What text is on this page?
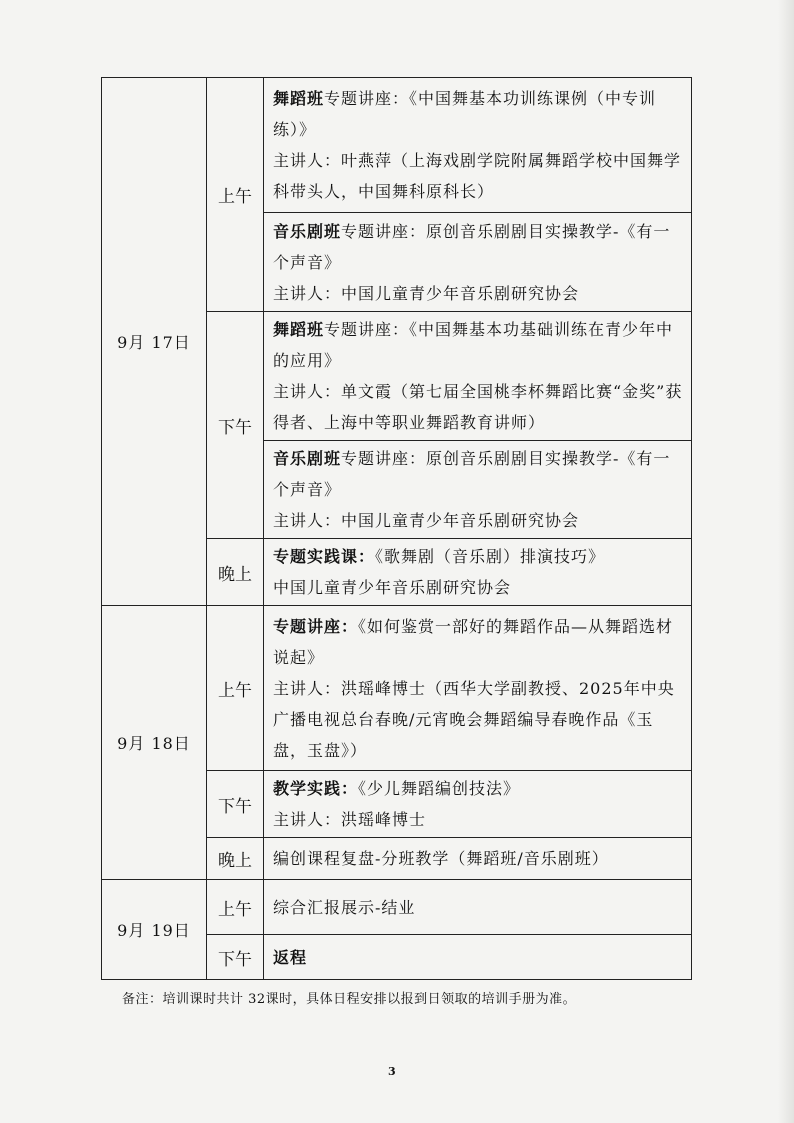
9月 17日	上午	舞蹈班专题讲座：《中国舞基本功训练课例（中专训练）》
主讲人：叶燕萍（上海戏剧学院附属舞蹈学校中国舞学科带头人，中国舞科原科长）

		音乐剧班专题讲座：原创音乐剧剧目实操教学-《有一个声音》
主讲人：中国儿童青少年音乐剧研究协会

	下午	舞蹈班专题讲座：《中国舞基本功基础训练在青少年中的应用》
主讲人：单文霞（第七届全国桃李杯舞蹈比赛“金奖”获得者、上海中等职业舞蹈教育讲师）

		音乐剧班专题讲座：原创音乐剧剧目实操教学-《有一个声音》
主讲人：中国儿童青少年音乐剧研究协会

	晚上	专题实践课：《歌舞剧（音乐剧）排演技巧》
中国儿童青少年音乐剧研究协会

9月 18日	上午	专题讲座：《如何鉴赏一部好的舞蹈作品—从舞蹈选材说起》
主讲人：洪瑶峰博士（西华大学副教授、2025年中央广播电视总台春晚/元宵晚会舞蹈编导春晚作品《玉盘，玉盘》）

	下午	教学实践：《少儿舞蹈编创技法》
主讲人：洪瑶峰博士

	晚上	编创课程复盘-分班教学（舞蹈班/音乐剧班）

9月 19日	上午	综合汇报展示-结业

	下午	返程
备注：培训课时共计 32课时，具体日程安排以报到日领取的培训手册为准。
3
